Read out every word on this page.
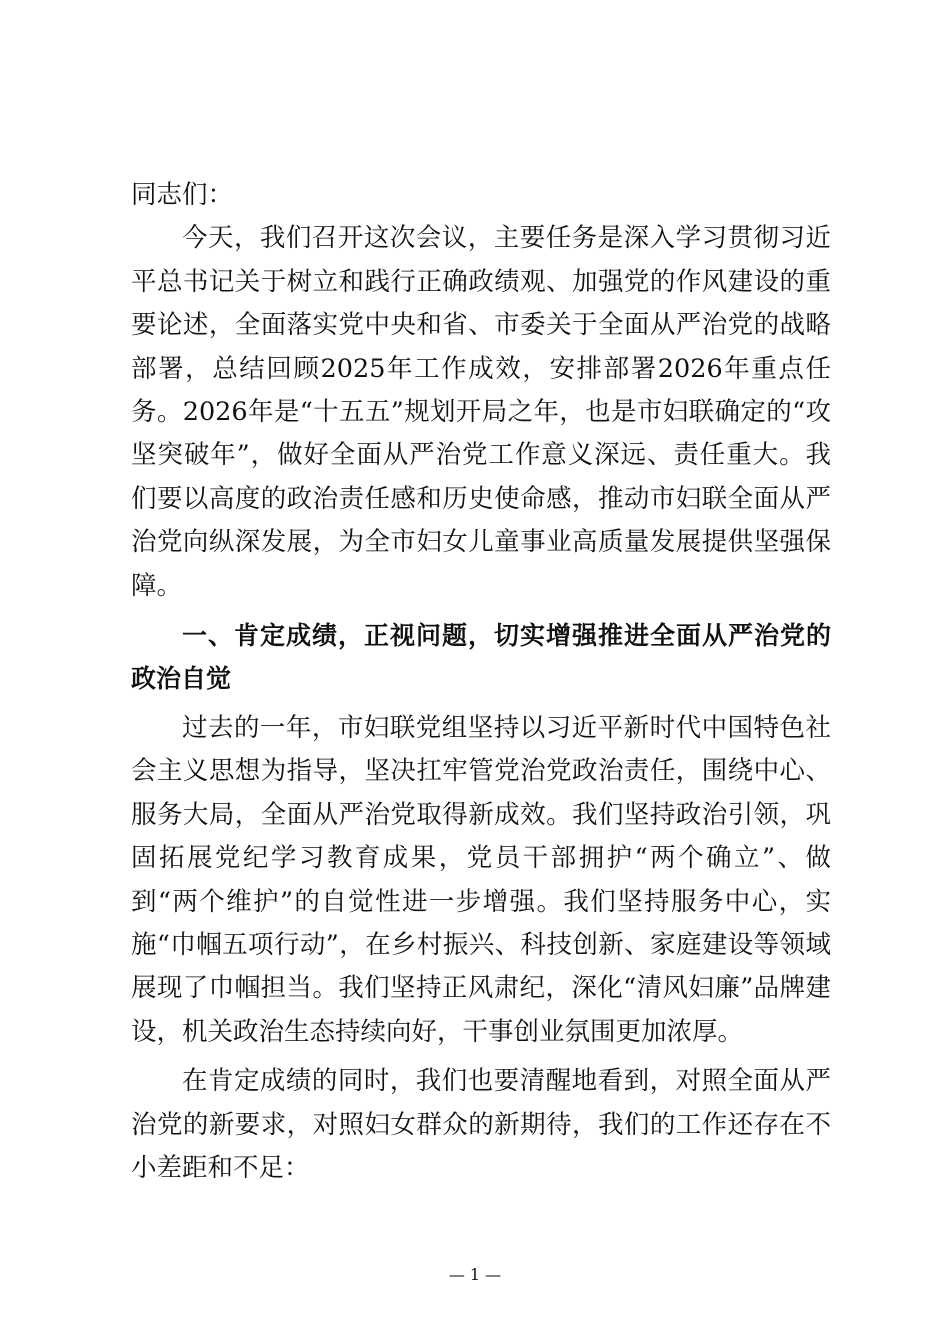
同志们：

今天，我们召开这次会议，主要任务是深入学习贯彻习近平总书记关于树立和践行正确政绩观、加强党的作风建设的重要论述，全面落实党中央和省、市委关于全面从严治党的战略部署，总结回顾2025年工作成效，安排部署2026年重点任务。2026年是“十五五”规划开局之年，也是市妇联确定的“攻坚突破年”，做好全面从严治党工作意义深远、责任重大。我们要以高度的政治责任感和历史使命感，推动市妇联全面从严治党向纵深发展，为全市妇女儿童事业高质量发展提供坚强保障。

一、肯定成绩，正视问题，切实增强推进全面从严治党的政治自觉

过去的一年，市妇联党组坚持以习近平新时代中国特色社会主义思想为指导，坚决扛牢管党治党政治责任，围绕中心、服务大局，全面从严治党取得新成效。我们坚持政治引领，巩固拓展党纪学习教育成果，党员干部拥护“两个确立”、做到“两个维护”的自觉性进一步增强。我们坚持服务中心，实施“巾帼五项行动”，在乡村振兴、科技创新、家庭建设等领域展现了巾帼担当。我们坚持正风肃纪，深化“清风妇廉”品牌建设，机关政治生态持续向好，干事创业氛围更加浓厚。

在肯定成绩的同时，我们也要清醒地看到，对照全面从严治党的新要求，对照妇女群众的新期待，我们的工作还存在不小差距和不足：

— 1 —
